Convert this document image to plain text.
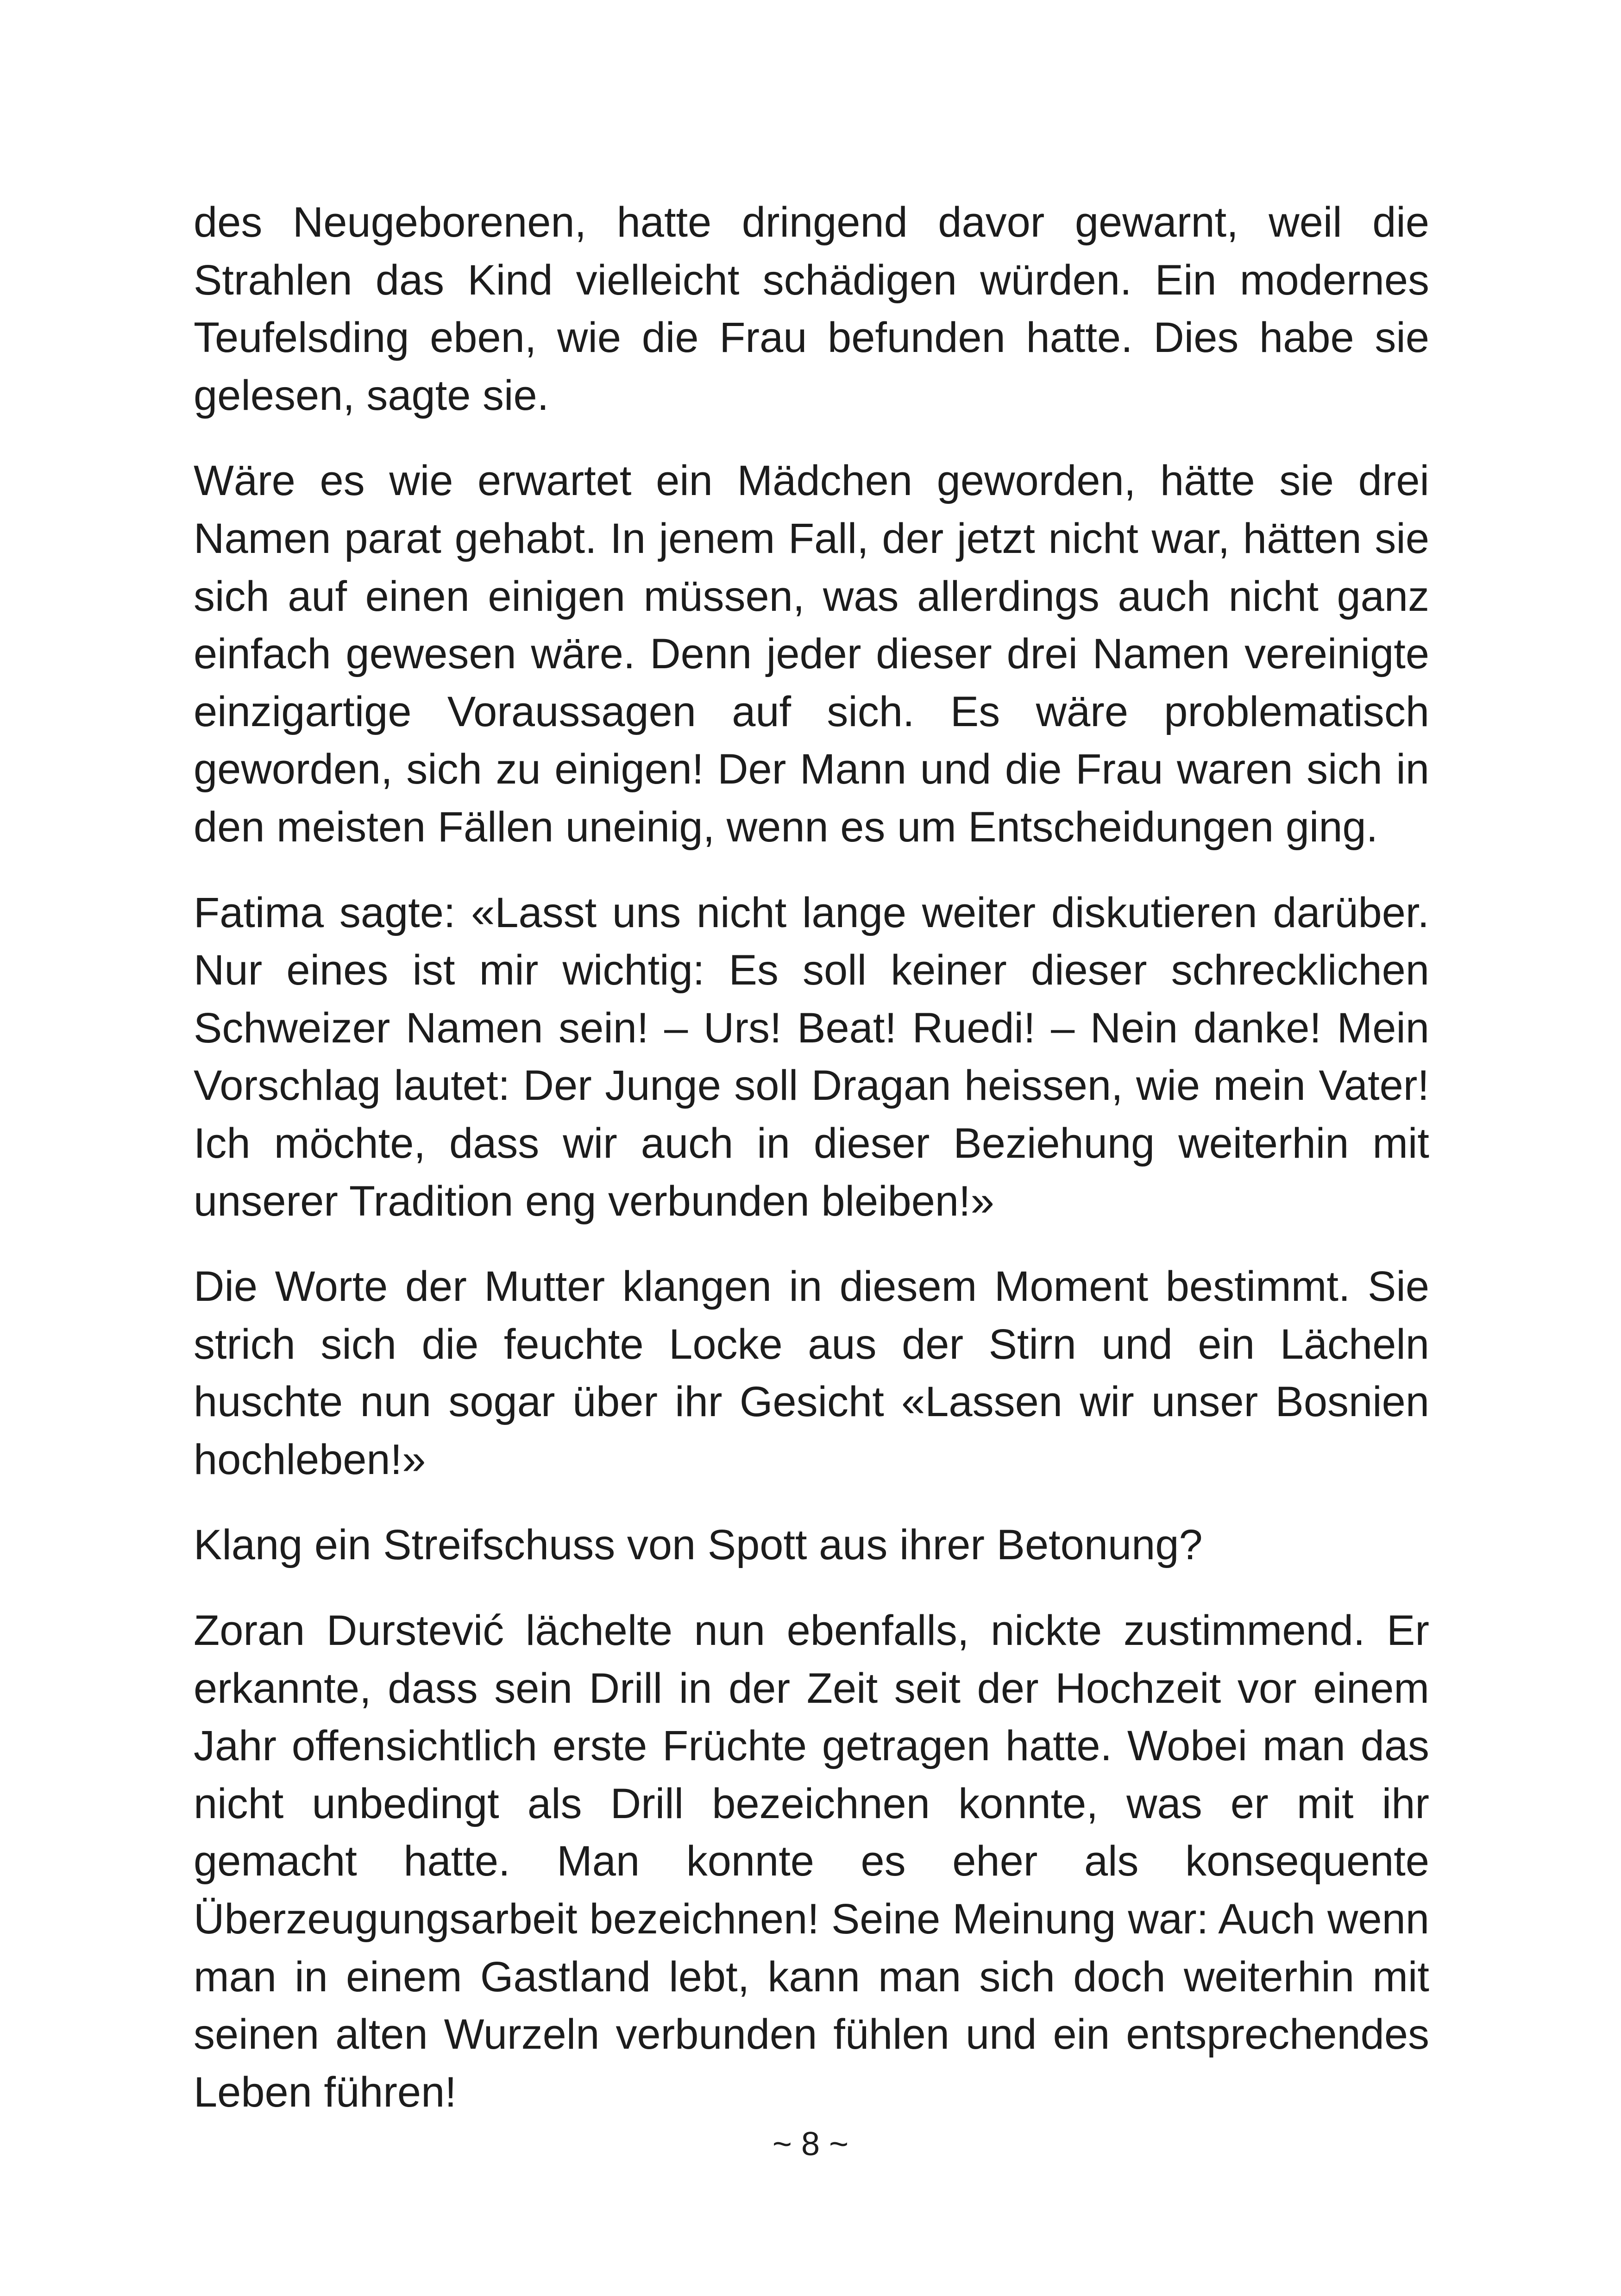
des Neugeborenen, hatte dringend davor gewarnt, weil die Strahlen das Kind vielleicht schädigen würden. Ein modernes Teufelsding eben, wie die Frau befunden hatte. Dies habe sie gelesen, sagte sie.

Wäre es wie erwartet ein Mädchen geworden, hätte sie drei Namen parat gehabt. In jenem Fall, der jetzt nicht war, hätten sie sich auf einen einigen müssen, was allerdings auch nicht ganz einfach gewesen wäre. Denn jeder dieser drei Namen vereinigte einzigartige Voraussagen auf sich. Es wäre problematisch geworden, sich zu einigen! Der Mann und die Frau waren sich in den meisten Fällen uneinig, wenn es um Entscheidungen ging.

Fatima sagte: «Lasst uns nicht lange weiter diskutieren darüber. Nur eines ist mir wichtig: Es soll keiner dieser schrecklichen Schweizer Namen sein! – Urs! Beat! Ruedi! – Nein danke! Mein Vorschlag lautet: Der Junge soll Dragan heissen, wie mein Vater! Ich möchte, dass wir auch in dieser Beziehung weiterhin mit unserer Tradition eng verbunden bleiben!»

Die Worte der Mutter klangen in diesem Moment bestimmt. Sie strich sich die feuchte Locke aus der Stirn und ein Lächeln huschte nun sogar über ihr Gesicht «Lassen wir unser Bosnien hochleben!»

Klang ein Streifschuss von Spott aus ihrer Betonung?

Zoran Durstević lächelte nun ebenfalls, nickte zustimmend. Er erkannte, dass sein Drill in der Zeit seit der Hochzeit vor einem Jahr offensichtlich erste Früchte getragen hatte. Wobei man das nicht unbedingt als Drill bezeichnen konnte, was er mit ihr gemacht hatte. Man konnte es eher als konsequente Überzeugungsarbeit bezeichnen! Seine Meinung war: Auch wenn man in einem Gastland lebt, kann man sich doch weiterhin mit seinen alten Wurzeln verbunden fühlen und ein entsprechendes Leben führen!

~ 8 ~
